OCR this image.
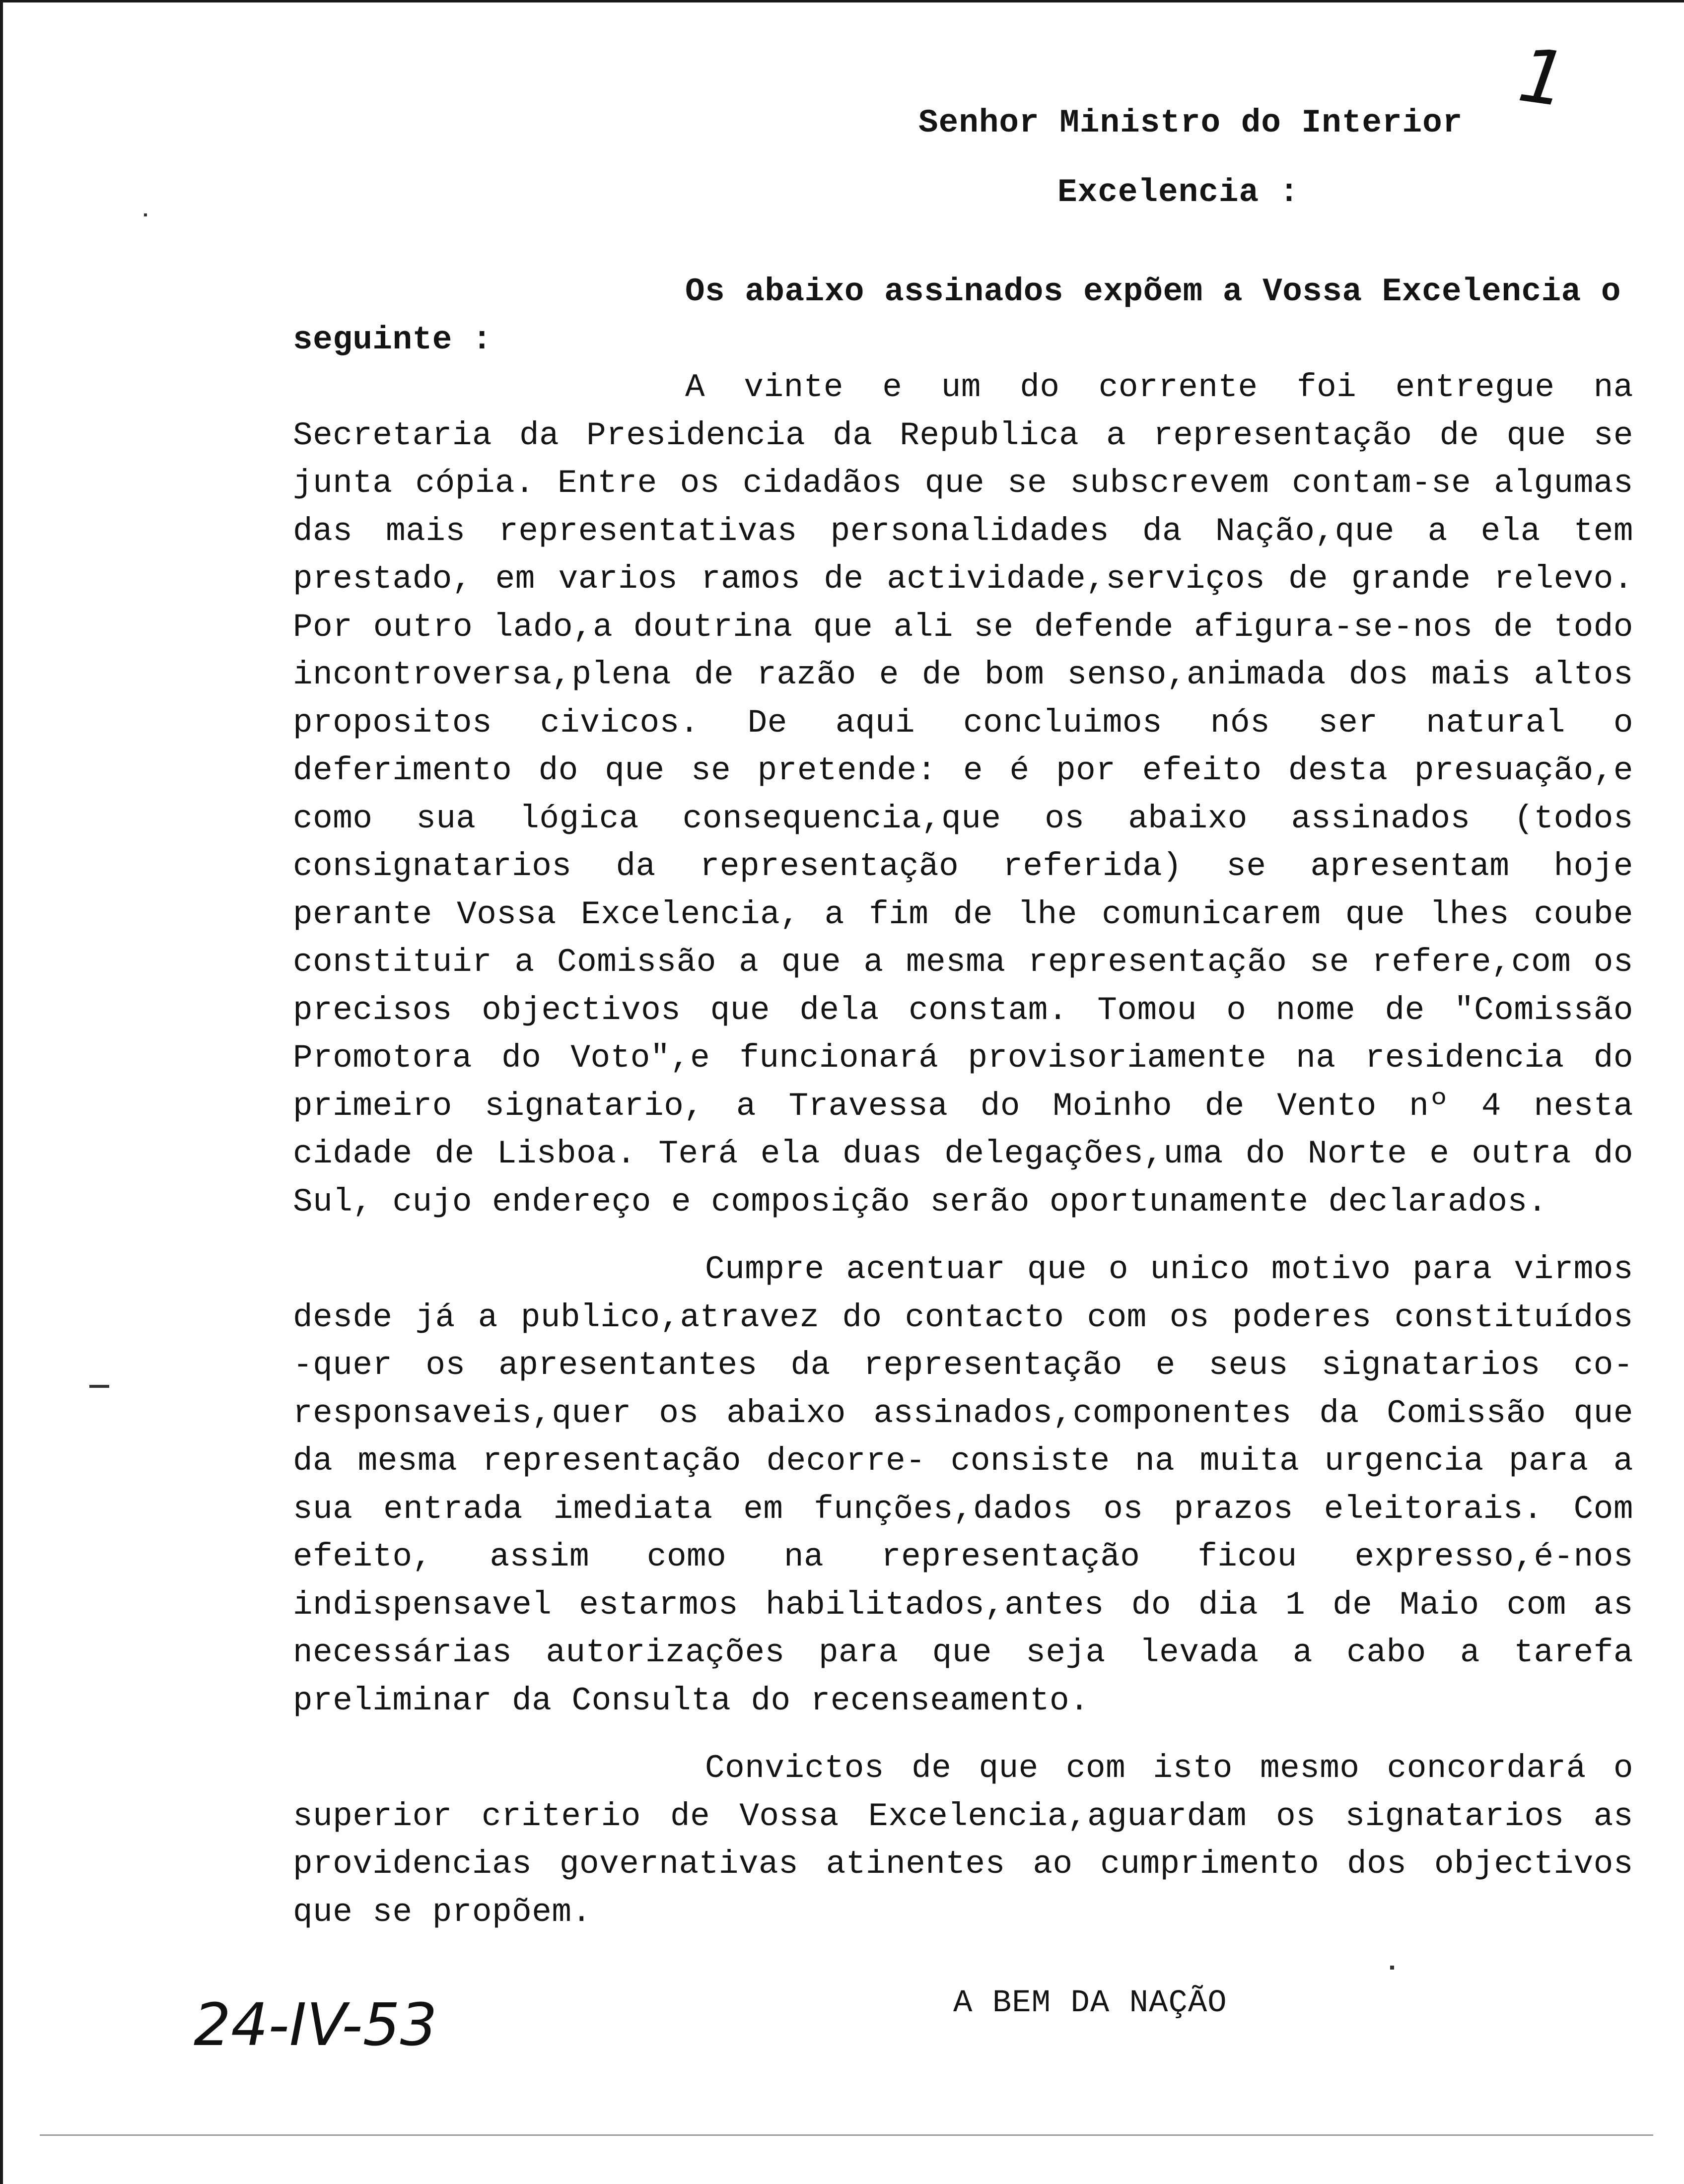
1
Senhor Ministro do Interior
Excelencia :

Os abaixo assinados expõem a Vossa Excelencia o

seguinte :

A vinte e um do corrente foi entregue na Secretaria da Presidencia da Republica a representação de que se junta cópia. Entre os cidadãos que se subscrevem contam-se algumas das mais representativas personalidades da Nação,que a ela tem prestado, em varios ramos de actividade,serviços de grande relevo. Por outro lado,a doutrina que ali se defende afigura-se-nos de todo incontroversa,plena de razão e de bom senso,animada dos mais altos propositos civicos. De aqui concluimos nós ser natural o deferimento do que se pretende: e é por efeito desta presuação,e como sua lógica consequencia,que os abaixo assinados (todos consignatarios da representação referida) se apresentam hoje perante Vossa Excelencia, a fim de lhe comunicarem que lhes coube constituir a Comissão a que a mesma representação se refere,com os precisos objectivos que dela constam. Tomou o nome de "Comissão Promotora do Voto",e funcionará provisoriamente na residencia do primeiro signatario, a Travessa do Moinho de Vento nº 4 nesta cidade de Lisboa. Terá ela duas delegações,uma do Norte e outra do Sul, cujo endereço e composição serão oportunamente declarados.

Cumpre acentuar que o unico motivo para virmos desde já a publico,atravez do contacto com os poderes constituídos -quer os apresentantes da representação e seus signatarios co-responsaveis,quer os abaixo assinados,componentes da Comissão que da mesma representação decorre- consiste na muita urgencia para a sua entrada imediata em funções,dados os prazos eleitorais. Com efeito, assim como na representação ficou expresso,é-nos indispensavel estarmos habilitados,antes do dia 1 de Maio com as necessárias autorizações para que seja levada a cabo a tarefa preliminar da Consulta do recenseamento.

Convictos de que com isto mesmo concordará o superior criterio de Vossa Excelencia,aguardam os signatarios as providencias governativas atinentes ao cumprimento dos objectivos que se propõem.

A BEM DA NAÇÃO
24-IV-53
